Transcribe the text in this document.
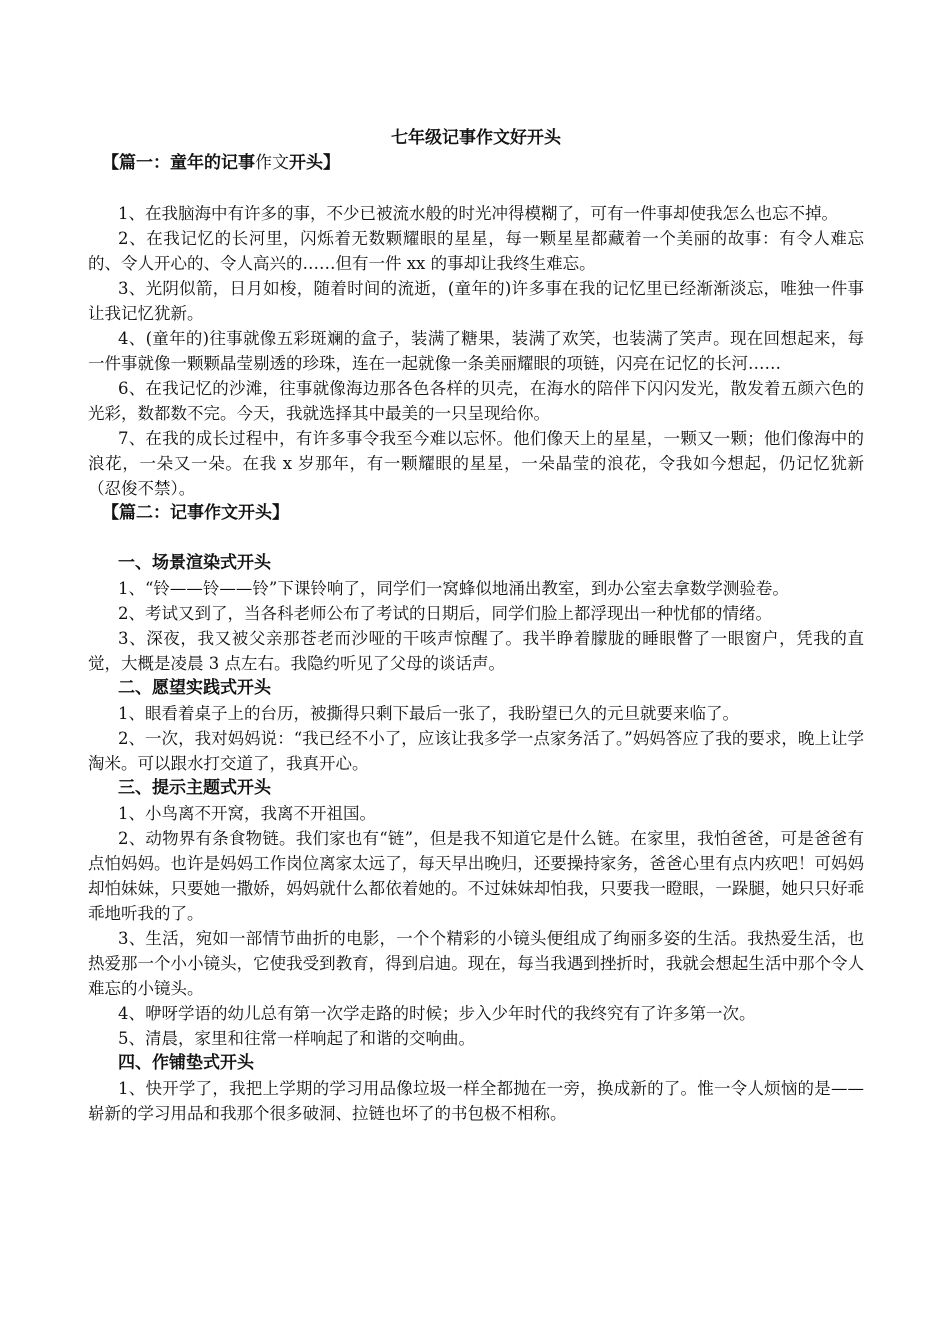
七年级记事作文好开头
【篇一：童年的记事作文开头】

1、在我脑海中有许多的事，不少已被流水般的时光冲得模糊了，可有一件事却使我怎么也忘不掉。

2、在我记忆的长河里，闪烁着无数颗耀眼的星星，每一颗星星都藏着一个美丽的故事：有令人难忘的、令人开心的、令人高兴的……但有一件 xx 的事却让我终生难忘。

3、光阴似箭，日月如梭，随着时间的流逝，(童年的)许多事在我的记忆里已经渐渐淡忘，唯独一件事让我记忆犹新。

4、(童年的)往事就像五彩斑斓的盒子，装满了糖果，装满了欢笑，也装满了笑声。现在回想起来，每一件事就像一颗颗晶莹剔透的珍珠，连在一起就像一条美丽耀眼的项链，闪亮在记忆的长河……

6、在我记忆的沙滩，往事就像海边那各色各样的贝壳，在海水的陪伴下闪闪发光，散发着五颜六色的光彩，数都数不完。今天，我就选择其中最美的一只呈现给你。

7、在我的成长过程中，有许多事令我至今难以忘怀。他们像天上的星星，一颗又一颗；他们像海中的浪花，一朵又一朵。在我 x 岁那年，有一颗耀眼的星星，一朵晶莹的浪花，令我如今想起，仍记忆犹新（忍俊不禁）。

【篇二：记事作文开头】
一、场景渲染式开头

1、“铃——铃——铃”下课铃响了，同学们一窝蜂似地涌出教室，到办公室去拿数学测验卷。

2、考试又到了，当各科老师公布了考试的日期后，同学们脸上都浮现出一种忧郁的情绪。

3、深夜，我又被父亲那苍老而沙哑的干咳声惊醒了。我半睁着朦胧的睡眼瞥了一眼窗户，凭我的直觉，大概是凌晨 3 点左右。我隐约听见了父母的谈话声。

二、愿望实践式开头

1、眼看着桌子上的台历，被撕得只剩下最后一张了，我盼望已久的元旦就要来临了。

2、一次，我对妈妈说：“我已经不小了，应该让我多学一点家务活了。”妈妈答应了我的要求，晚上让学淘米。可以跟水打交道了，我真开心。

三、提示主题式开头

1、小鸟离不开窝，我离不开祖国。

2、动物界有条食物链。我们家也有“链”，但是我不知道它是什么链。在家里，我怕爸爸，可是爸爸有点怕妈妈。也许是妈妈工作岗位离家太远了，每天早出晚归，还要操持家务，爸爸心里有点内疚吧！可妈妈却怕妹妹，只要她一撒娇，妈妈就什么都依着她的。不过妹妹却怕我，只要我一瞪眼，一跺腿，她只只好乖乖地听我的了。

3、生活，宛如一部情节曲折的电影，一个个精彩的小镜头便组成了绚丽多姿的生活。我热爱生活，也热爱那一个小小镜头，它使我受到教育，得到启迪。现在，每当我遇到挫折时，我就会想起生活中那个令人难忘的小镜头。

4、咿呀学语的幼儿总有第一次学走路的时候；步入少年时代的我终究有了许多第一次。

5、清晨，家里和往常一样响起了和谐的交响曲。

四、作铺垫式开头

1、快开学了，我把上学期的学习用品像垃圾一样全都抛在一旁，换成新的了。惟一令人烦恼的是——崭新的学习用品和我那个很多破洞、拉链也坏了的书包极不相称。
